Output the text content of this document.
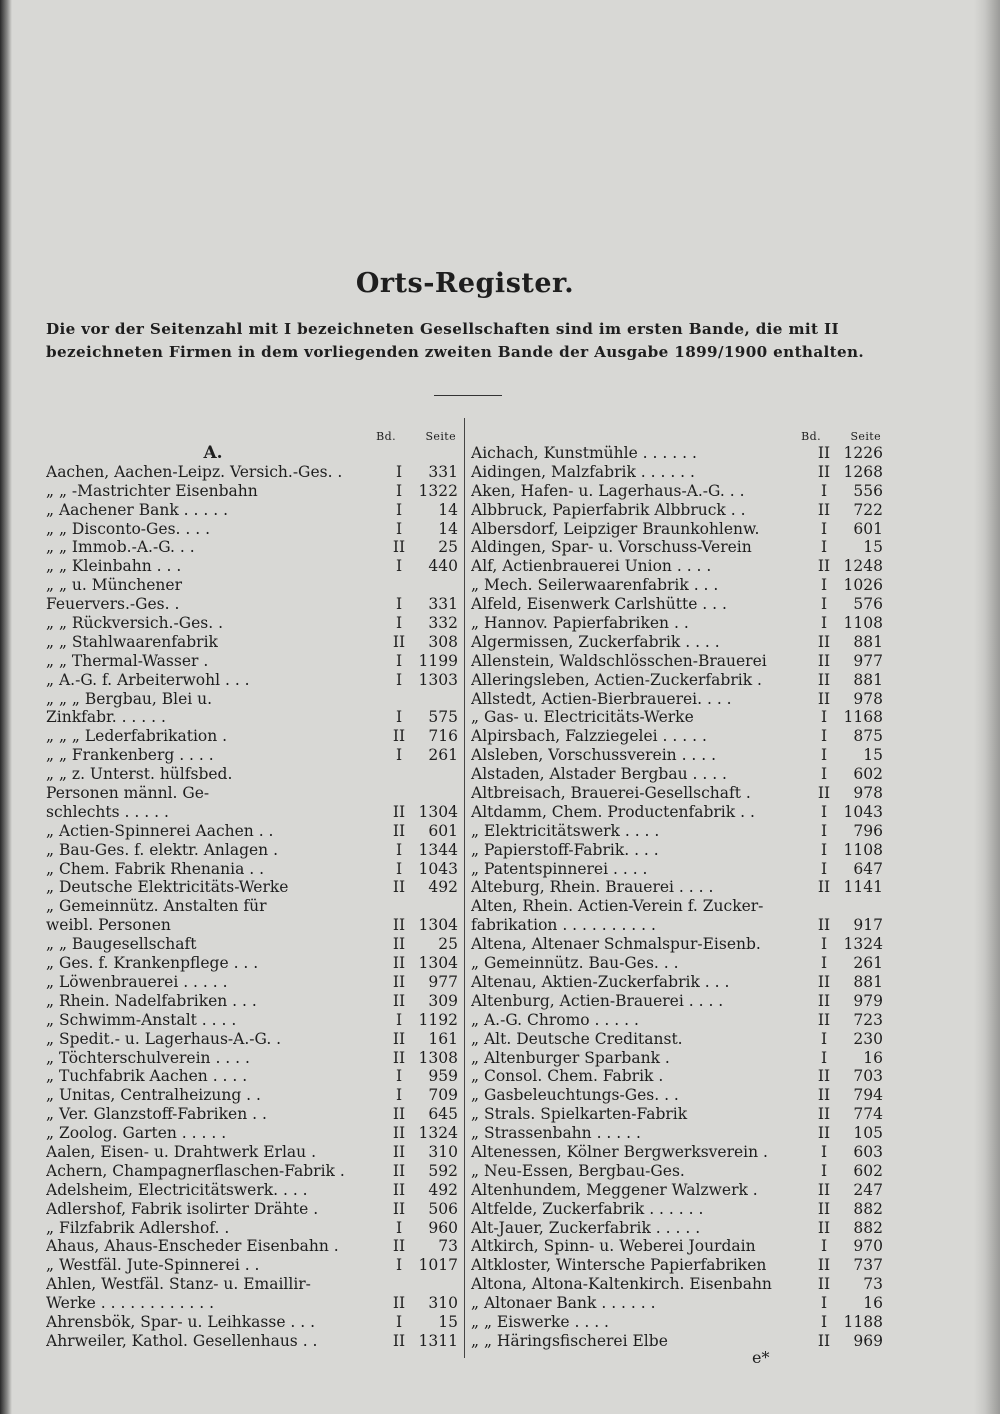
Orts-Register.
Die vor der Seitenzahl mit I bezeichneten Gesellschaften sind im ersten Bande, die mit II bezeichneten Firmen in dem vorliegenden zweiten Bande der Ausgabe 1899/1900 enthalten.
Bd.	Seite
A.
Aachen, Aachen-Leipz. Versich.-Ges. .	I	331
„ „ -Mastrichter Eisenbahn	I	1322
„ Aachener Bank . . . . .	I	14
„ „ Disconto-Ges. . . .	I	14
„ „ Immob.-A.-G. . .	II	25
„ „ Kleinbahn . . .	I	440
„ „ u. Münchener
Feuervers.-Ges. .	I	331
„ „ Rückversich.-Ges. .	I	332
„ „ Stahlwaarenfabrik	II	308
„ „ Thermal-Wasser .	I	1199
„ A.-G. f. Arbeiterwohl . . .	I	1303
„ „ „ Bergbau, Blei u.
Zinkfabr. . . . . .	I	575
„ „ „ Lederfabrikation .	II	716
„ „ Frankenberg . . . .	I	261
„ „ z. Unterst. hülfsbed.
Personen männl. Ge-
schlechts . . . . .	II 1304
„ Actien-Spinnerei Aachen . .	II	601
„ Bau-Ges. f. elektr. Anlagen .	I	1344
„ Chem. Fabrik Rhenania . .	I	1043
„ Deutsche Elektricitäts-Werke	II	492
„ Gemeinnütz. Anstalten für
weibl. Personen	II 1304
„ „ Baugesellschaft	II	25
„ Ges. f. Krankenpflege . . .	II 1304
„ Löwenbrauerei . . . . .	II	977
„ Rhein. Nadelfabriken . . .	II	309
„ Schwimm-Anstalt . . . .	I	1192
„ Spedit.- u. Lagerhaus-A.-G. .	II	161
„ Töchterschulverein . . . .	II 1308
„ Tuchfabrik Aachen . . . .	I	959
„ Unitas, Centralheizung . .	I	709
„ Ver. Glanzstoff-Fabriken . .	II	645
„ Zoolog. Garten . . . . .	II 1324
Aalen, Eisen- u. Drahtwerk Erlau .	II	310
Achern, Champagnerflaschen-Fabrik .	II	592
Adelsheim, Electricitätswerk. . . .	II	492
Adlershof, Fabrik isolirter Drähte .	II	506
„ Filzfabrik Adlershof. .	I	960
Ahaus, Ahaus-Enscheder Eisenbahn .	II	73
„ Westfäl. Jute-Spinnerei . .	I	1017
Ahlen, Westfäl. Stanz- u. Emaillir-
Werke . . . . . . . . . . . .	II	310
Ahrensbök, Spar- u. Leihkasse . . .	I	15
Ahrweiler, Kathol. Gesellenhaus . .	II 1311
Bd.	Seite
Aichach, Kunstmühle . . . . . .	II 1226
Aidingen, Malzfabrik . . . . . .	II 1268
Aken, Hafen- u. Lagerhaus-A.-G. . .	I	556
Albbruck, Papierfabrik Albbruck . .	II	722
Albersdorf, Leipziger Braunkohlenw.	I	601
Aldingen, Spar- u. Vorschuss-Verein	I	15
Alf, Actienbrauerei Union . . . .	II 1248
„ Mech. Seilerwaarenfabrik . . .	I	1026
Alfeld, Eisenwerk Carlshütte . . .	I	576
„ Hannov. Papierfabriken . .	I	1108
Algermissen, Zuckerfabrik . . . .	II	881
Allenstein, Waldschlösschen-Brauerei	II	977
Alleringsleben, Actien-Zuckerfabrik .	II	881
Allstedt, Actien-Bierbrauerei. . . .	II	978
„ Gas- u. Electricitäts-Werke	I	1168
Alpirsbach, Falzziegelei . . . . .	I	875
Alsleben, Vorschussverein . . . .	I	15
Alstaden, Alstader Bergbau . . . .	I	602
Altbreisach, Brauerei-Gesellschaft .	II	978
Altdamm, Chem. Productenfabrik . .	I	1043
„ Elektricitätswerk . . . .	I	796
„ Papierstoff-Fabrik. . . .	I	1108
„ Patentspinnerei . . . .	I	647
Alteburg, Rhein. Brauerei . . . .	II 1141
Alten, Rhein. Actien-Verein f. Zucker-
fabrikation . . . . . . . . . .	II	917
Altena, Altenaer Schmalspur-Eisenb.	I	1324
„ Gemeinnütz. Bau-Ges. . .	I	261
Altenau, Aktien-Zuckerfabrik . . .	II	881
Altenburg, Actien-Brauerei . . . .	II	979
„ A.-G. Chromo . . . . .	II	723
„ Alt. Deutsche Creditanst.	I	230
„ Altenburger Sparbank .	I	16
„ Consol. Chem. Fabrik .	II	703
„ Gasbeleuchtungs-Ges. . .	II	794
„ Strals. Spielkarten-Fabrik	II	774
„ Strassenbahn . . . . .	II	105
Altenessen, Kölner Bergwerksverein .	I	603
„ Neu-Essen, Bergbau-Ges.	I	602
Altenhundem, Meggener Walzwerk .	II	247
Altfelde, Zuckerfabrik . . . . . .	II	882
Alt-Jauer, Zuckerfabrik . . . . .	II	882
Altkirch, Spinn- u. Weberei Jourdain	I	970
Altkloster, Wintersche Papierfabriken	II	737
Altona, Altona-Kaltenkirch. Eisenbahn	II	73
„ Altonaer Bank . . . . . .	I	16
„ „ Eiswerke . . . .	I	1188
„ „ Häringsfischerei Elbe	II	969
e*
